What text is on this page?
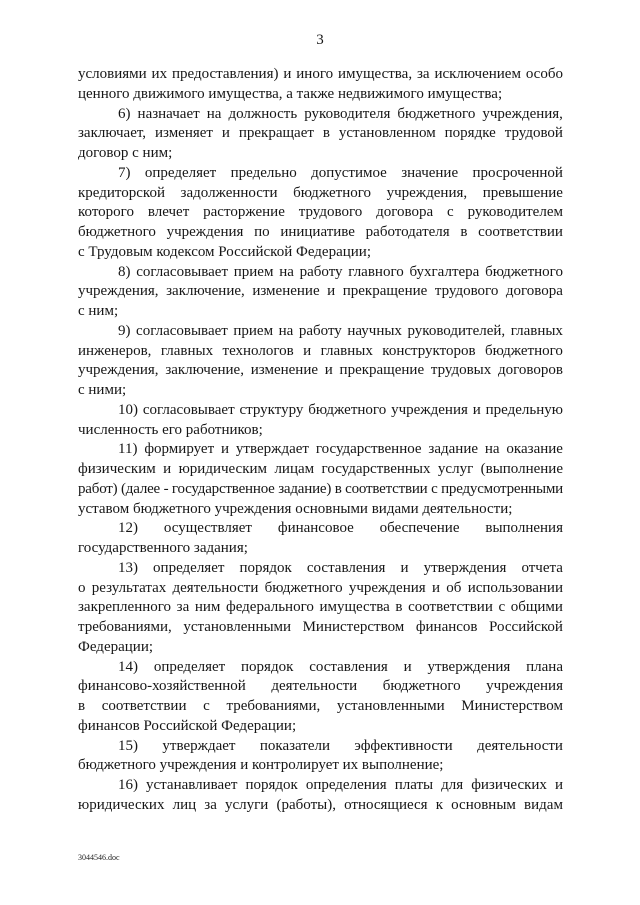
3
условиями их предоставления) и иного имущества, за исключением особо
ценного движимого имущества, а также недвижимого имущества;
6) назначает на должность руководителя бюджетного учреждения,
заключает, изменяет и прекращает в установленном порядке трудовой
договор с ним;
7) определяет предельно допустимое значение просроченной
кредиторской задолженности бюджетного учреждения, превышение
которого влечет расторжение трудового договора с руководителем
бюджетного учреждения по инициативе работодателя в соответствии
с Трудовым кодексом Российской Федерации;
8) согласовывает прием на работу главного бухгалтера бюджетного
учреждения, заключение, изменение и прекращение трудового договора
с ним;
9) согласовывает прием на работу научных руководителей, главных
инженеров, главных технологов и главных конструкторов бюджетного
учреждения, заключение, изменение и прекращение трудовых договоров
с ними;
10) согласовывает структуру бюджетного учреждения и предельную
численность его работников;
11) формирует и утверждает государственное задание на оказание
физическим и юридическим лицам государственных услуг (выполнение
работ) (далее - государственное задание) в соответствии с предусмотренными
уставом бюджетного учреждения основными видами деятельности;
12) осуществляет финансовое обеспечение выполнения
государственного задания;
13) определяет порядок составления и утверждения отчета
о результатах деятельности бюджетного учреждения и об использовании
закрепленного за ним федерального имущества в соответствии с общими
требованиями, установленными Министерством финансов Российской
Федерации;
14) определяет порядок составления и утверждения плана
финансово-хозяйственной деятельности бюджетного учреждения
в соответствии с требованиями, установленными Министерством
финансов Российской Федерации;
15) утверждает показатели эффективности деятельности
бюджетного учреждения и контролирует их выполнение;
16) устанавливает порядок определения платы для физических и
юридических лиц за услуги (работы), относящиеся к основным видам
3044546.doc
